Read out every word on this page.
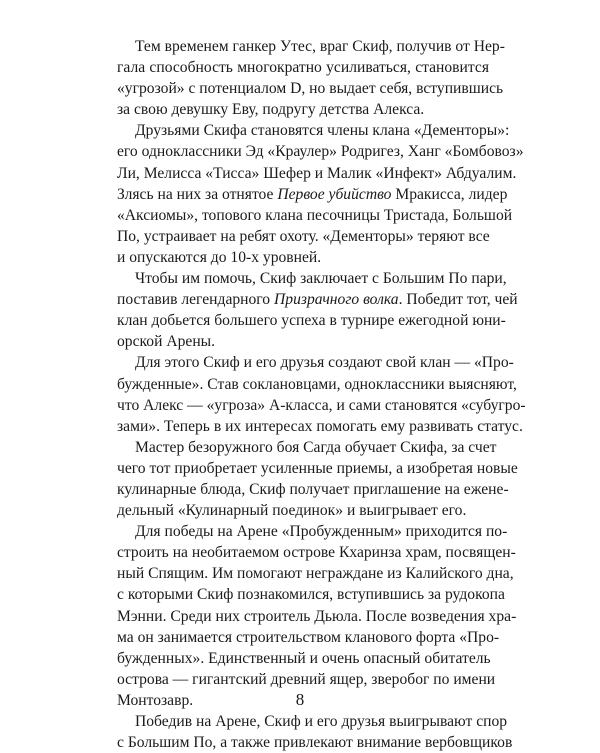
Тем временем ганкер Утес, враг Скиф, получив от Нер-
гала способность многократно усиливаться, становится
«угрозой» с потенциалом D, но выдает себя, вступившись
за свою девушку Еву, подругу детства Алекса.
Друзьями Скифа становятся члены клана «Дементоры»:
его одноклассники Эд «Краулер» Родригез, Ханг «Бомбовоз»
Ли, Мелисса «Тисса» Шефер и Малик «Инфект» Абдуалим.
Злясь на них за отнятое Первое убийство Мракисса, лидер
«Аксиомы», топового клана песочницы Тристада, Большой
По, устраивает на ребят охоту. «Дементоры» теряют все
и опускаются до 10-х уровней.
Чтобы им помочь, Скиф заключает с Большим По пари,
поставив легендарного Призрачного волка. Победит тот, чей
клан добьется большего успеха в турнире ежегодной юни-
орской Арены.
Для этого Скиф и его друзья создают свой клан — «Про-
бужденные». Став соклановцами, одноклассники выясняют,
что Алекс — «угроза» A-класса, и сами становятся «субугро-
зами». Теперь в их интересах помогать ему развивать статус.
Мастер безоружного боя Сагда обучает Скифа, за счет
чего тот приобретает усиленные приемы, а изобретая новые
кулинарные блюда, Скиф получает приглашение на еженe-
дельный «Кулинарный поединок» и выигрывает его.
Для победы на Арене «Пробужденным» приходится по-
строить на необитаемом острове Кхаринза храм, посвящен-
ный Спящим. Им помогают неграждане из Калийского дна,
с которыми Скиф познакомился, вступившись за рудокопа
Мэнни. Среди них строитель Дьюла. После возведения хра-
ма он занимается строительством кланового форта «Про-
бужденных». Единственный и очень опасный обитатель
острова — гигантский древний ящер, зверобог по имени
Монтозавр.
Победив на Арене, Скиф и его друзья выигрывают спор
с Большим По, а также привлекают внимание вербовщиков
8
